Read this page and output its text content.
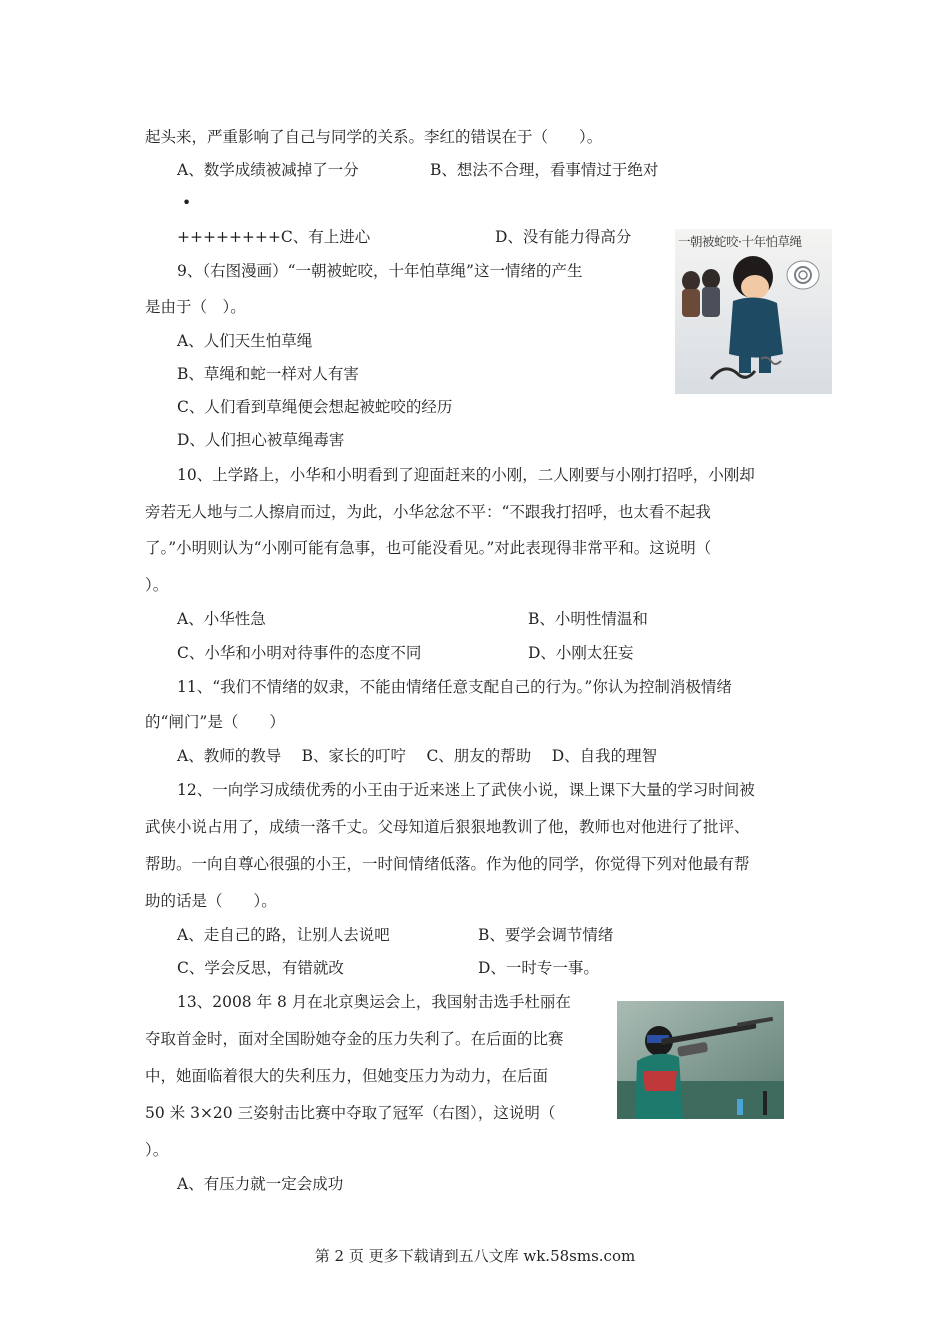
起头来，严重影响了自己与同学的关系。李红的错误在于（　　）。
A、数学成绩被减掉了一分	B、想法不合理，看事情过于绝对
•
++++++++C、有上进心	D、没有能力得高分
9、（右图漫画）“一朝被蛇咬，十年怕草绳”这一情绪的产生
是由于（　）。
A、人们天生怕草绳
B、草绳和蛇一样对人有害
C、人们看到草绳便会想起被蛇咬的经历
D、人们担心被草绳毒害
一朝被蛇咬·十年怕草绳
10、上学路上，小华和小明看到了迎面赶来的小刚，二人刚要与小刚打招呼，小刚却
旁若无人地与二人擦肩而过，为此，小华忿忿不平：“不跟我打招呼，也太看不起我
了。”小明则认为“小刚可能有急事，也可能没看见。”对此表现得非常平和。这说明（
）。
A、小华性急	B、小明性情温和
C、小华和小明对待事件的态度不同	D、小刚太狂妄
11、“我们不情绪的奴隶，不能由情绪任意支配自己的行为。”你认为控制消极情绪
的“闸门”是（　　）
A、教师的教导　 B、家长的叮咛　 C、朋友的帮助　 D、自我的理智
12、一向学习成绩优秀的小王由于近来迷上了武侠小说，课上课下大量的学习时间被
武侠小说占用了，成绩一落千丈。父母知道后狠狠地教训了他，教师也对他进行了批评、
帮助。一向自尊心很强的小王，一时间情绪低落。作为他的同学，你觉得下列对他最有帮
助的话是（　　）。
A、走自己的路，让别人去说吧	B、要学会调节情绪
C、学会反思，有错就改	D、一时专一事。
13、2008 年 8 月在北京奥运会上，我国射击选手杜丽在
夺取首金时，面对全国盼她夺金的压力失利了。在后面的比赛
中，她面临着很大的失利压力，但她变压力为动力，在后面
50 米 3×20 三姿射击比赛中夺取了冠军（右图），这说明（
）。
A、有压力就一定会成功
第 2 页 更多下载请到五八文库 wk.58sms.com
